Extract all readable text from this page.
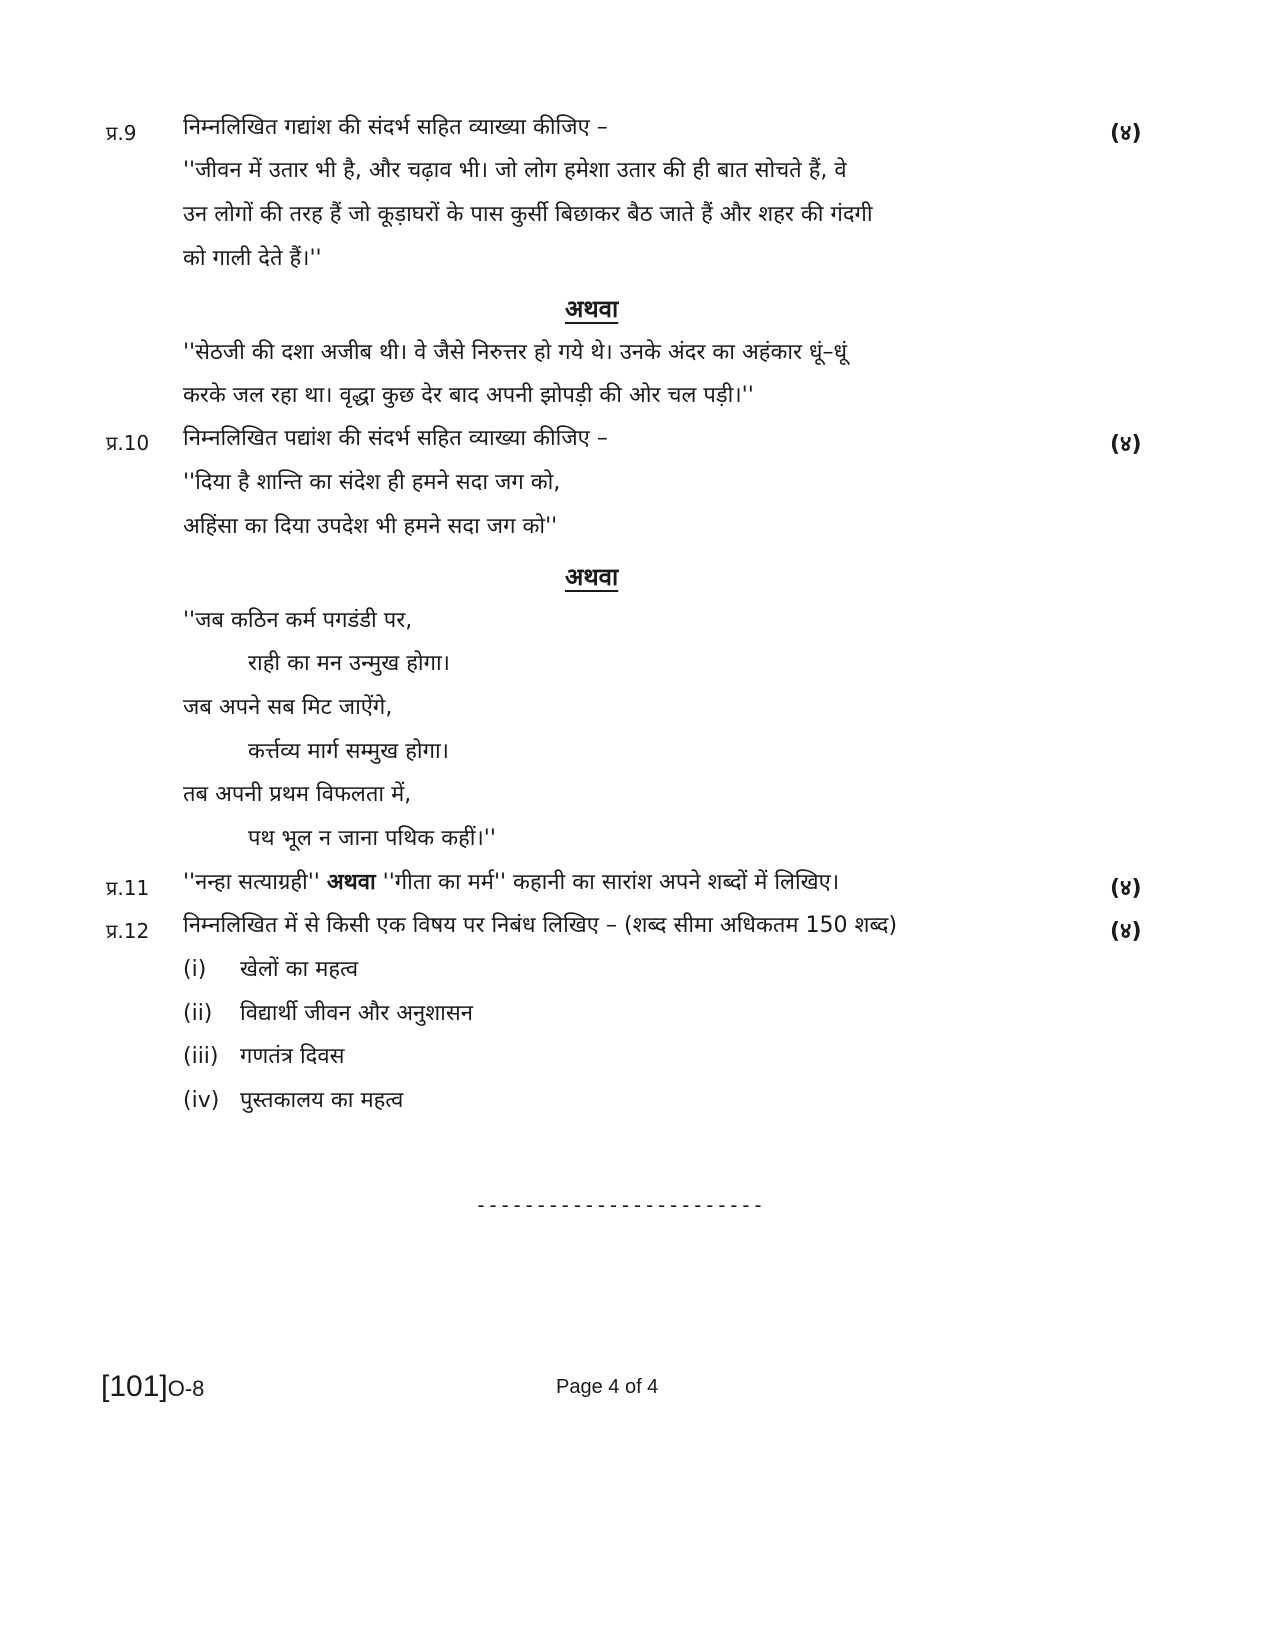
प्र.9 निम्नलिखित गद्यांश की संदर्भ सहित व्याख्या कीजिए –	(४)
''जीवन में उतार भी है, और चढ़ाव भी। जो लोग हमेशा उतार की ही बात सोचते हैं, वे
उन लोगों की तरह हैं जो कूड़ाघरों के पास कुर्सी बिछाकर बैठ जाते हैं और शहर की गंदगी
को गाली देते हैं।''
अथवा
''सेठजी की दशा अजीब थी। वे जैसे निरुत्तर हो गये थे। उनके अंदर का अहंकार धूं–धूं
करके जल रहा था। वृद्धा कुछ देर बाद अपनी झोपड़ी की ओर चल पड़ी।''
प्र.10 निम्नलिखित पद्यांश की संदर्भ सहित व्याख्या कीजिए –	(४)
''दिया है शान्ति का संदेश ही हमने सदा जग को,
अहिंसा का दिया उपदेश भी हमने सदा जग को''
अथवा
''जब कठिन कर्म पगडंडी पर,
राही का मन उन्मुख होगा।
जब अपने सब मिट जाऐंगे,
कर्त्तव्य मार्ग सम्मुख होगा।
तब अपनी प्रथम विफलता में,
पथ भूल न जाना पथिक कहीं।''
प्र.11 ''नन्हा सत्याग्रही'' अथवा ''गीता का मर्म'' कहानी का सारांश अपने शब्दों में लिखिए।	(४)
प्र.12 निम्नलिखित में से किसी एक विषय पर निबंध लिखिए – (शब्द सीमा अधिकतम 150 शब्द)	(४)
(i) खेलों का महत्व
(ii) विद्यार्थी जीवन और अनुशासन
(iii) गणतंत्र दिवस
(iv) पुस्तकालय का महत्व
------------------------
[101]O-8	Page 4 of 4
